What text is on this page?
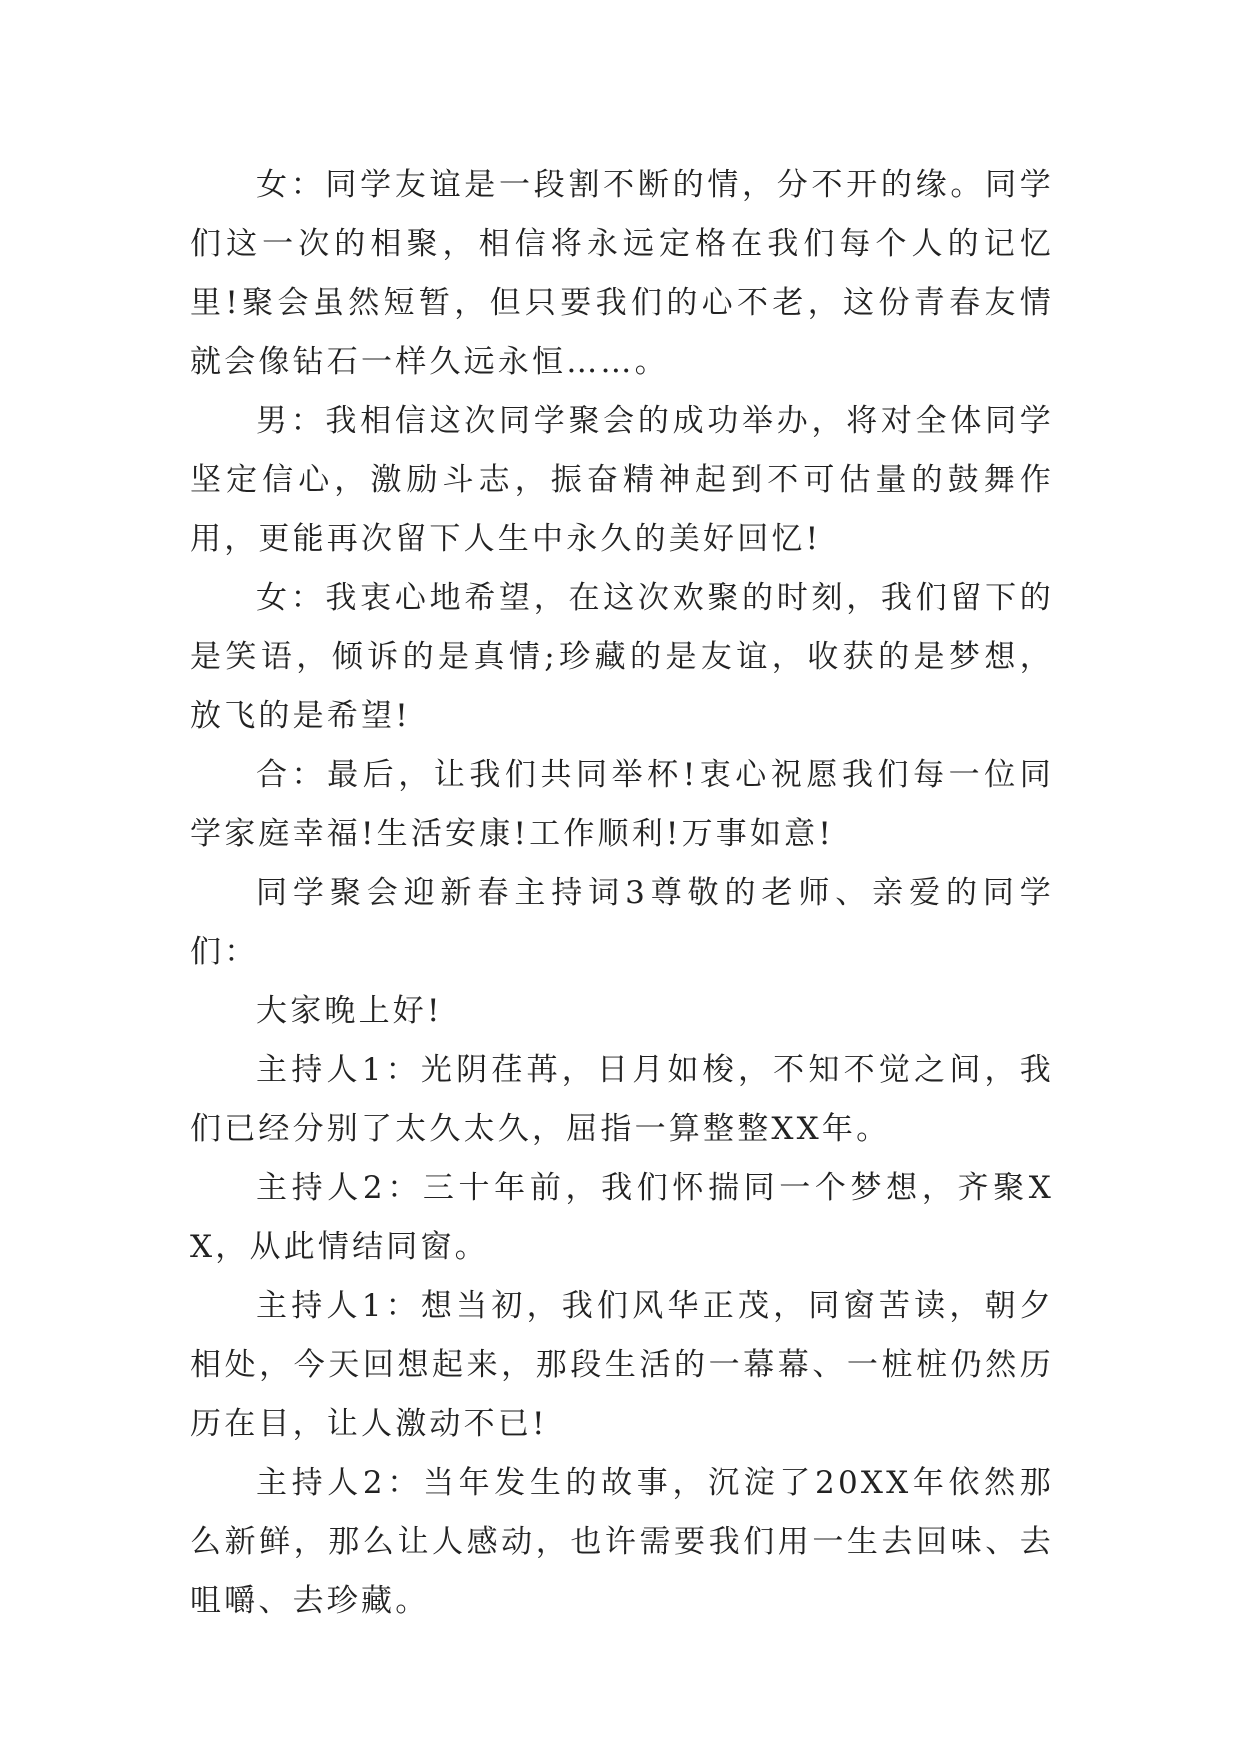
女：同学友谊是一段割不断的情，分不开的缘。同学们这一次的相聚，相信将永远定格在我们每个人的记忆里!聚会虽然短暂，但只要我们的心不老，这份青春友情就会像钻石一样久远永恒……。

男：我相信这次同学聚会的成功举办，将对全体同学坚定信心，激励斗志，振奋精神起到不可估量的鼓舞作用，更能再次留下人生中永久的美好回忆!

女：我衷心地希望，在这次欢聚的时刻，我们留下的是笑语，倾诉的是真情;珍藏的是友谊，收获的是梦想，放飞的是希望!

合：最后，让我们共同举杯!衷心祝愿我们每一位同学家庭幸福!生活安康!工作顺利!万事如意!

同学聚会迎新春主持词3尊敬的老师、亲爱的同学们：

大家晚上好!

主持人1：光阴荏苒，日月如梭，不知不觉之间，我们已经分别了太久太久，屈指一算整整XX年。

主持人2：三十年前，我们怀揣同一个梦想，齐聚XX，从此情结同窗。

主持人1：想当初，我们风华正茂，同窗苦读，朝夕相处，今天回想起来，那段生活的一幕幕、一桩桩仍然历历在目，让人激动不已!

主持人2：当年发生的故事，沉淀了20XX年依然那么新鲜，那么让人感动，也许需要我们用一生去回味、去咀嚼、去珍藏。
